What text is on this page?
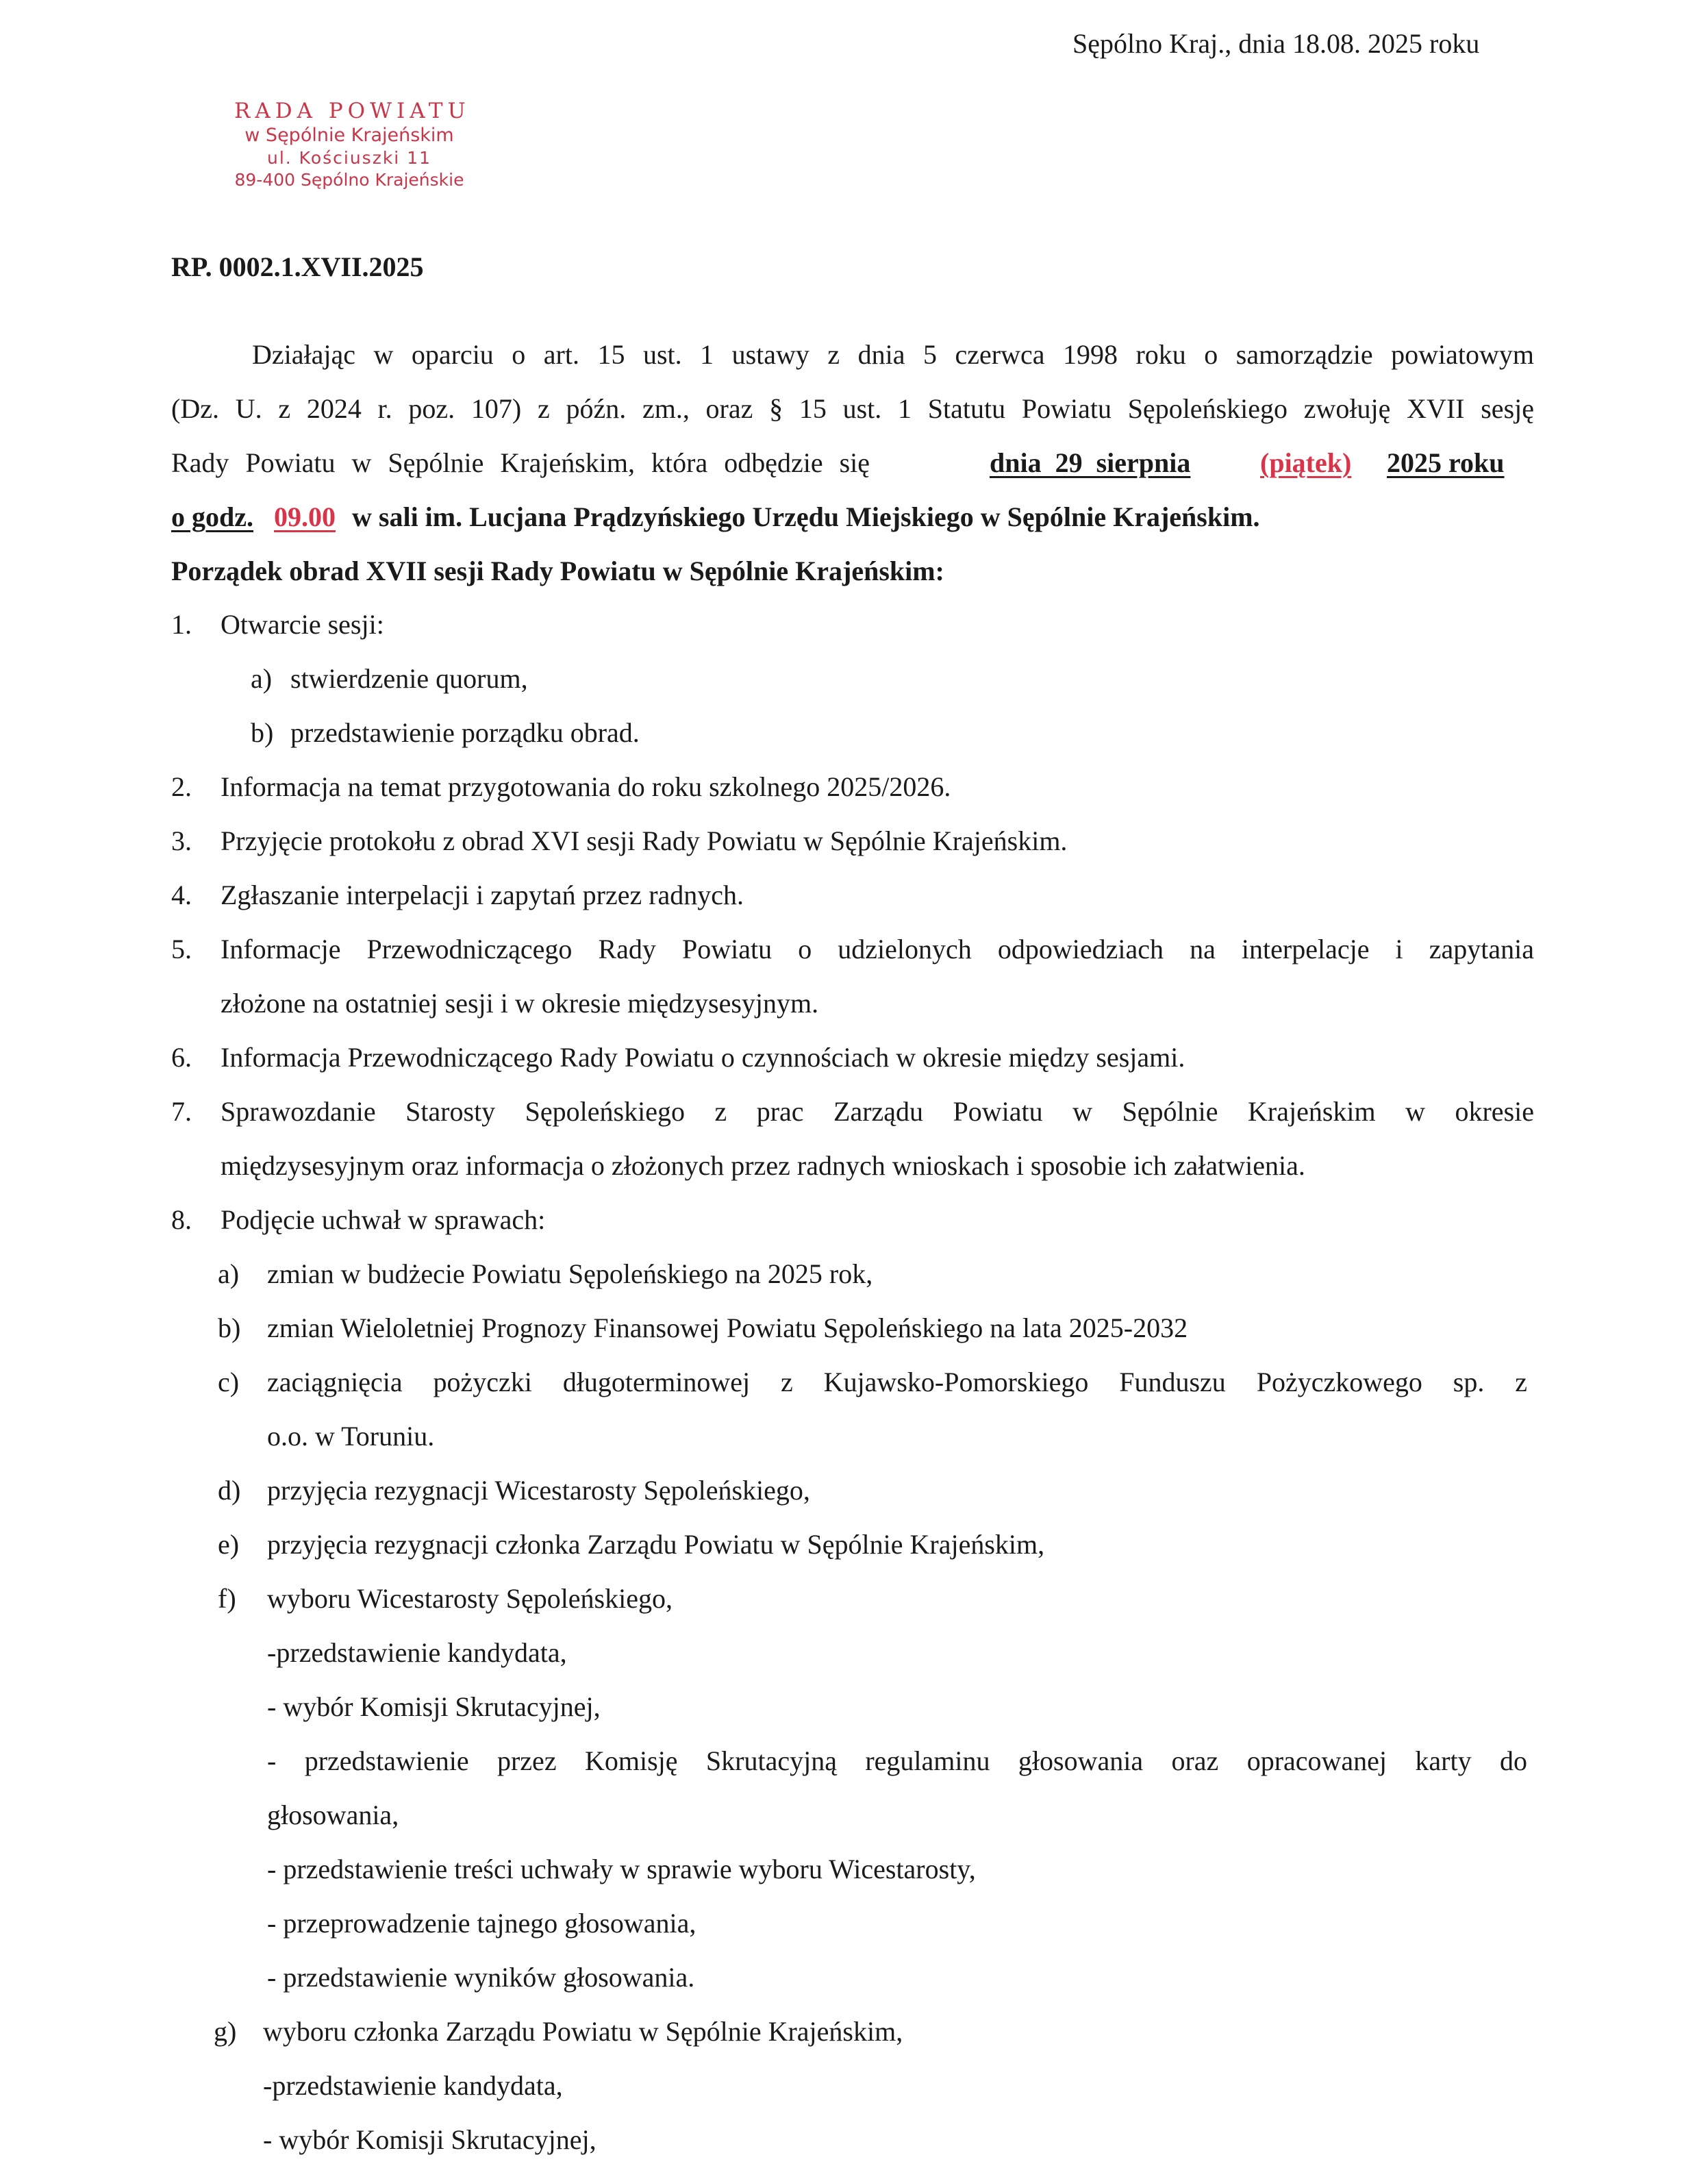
Sępólno Kraj., dnia 18.08. 2025 roku
RADA POWIATU
w Sępólnie Krajeńskim
ul. Kościuszki 11
89-400 Sępólno Krajeńskie
RP. 0002.1.XVII.2025
Działając w oparciu o art. 15 ust. 1 ustawy z dnia 5 czerwca 1998 roku o samorządzie powiatowym
(Dz. U. z 2024 r. poz. 107) z późn. zm., oraz § 15 ust. 1 Statutu Powiatu Sępoleńskiego zwołuję XVII sesję
Rady Powiatu w Sępólnie Krajeńskim, która odbędzie się	dnia 29 sierpnia	(piątek) 2025 roku
o godz. 09.00 w sali im. Lucjana Prądzyńskiego Urzędu Miejskiego w Sępólnie Krajeńskim.
Porządek obrad XVII sesji Rady Powiatu w Sępólnie Krajeńskim:
1. Otwarcie sesji:
a) stwierdzenie quorum,
b) przedstawienie porządku obrad.
2. Informacja na temat przygotowania do roku szkolnego 2025/2026.
3. Przyjęcie protokołu z obrad XVI sesji Rady Powiatu w Sępólnie Krajeńskim.
4. Zgłaszanie interpelacji i zapytań przez radnych.
5. Informacje Przewodniczącego Rady Powiatu o udzielonych odpowiedziach na interpelacje i zapytania
złożone na ostatniej sesji i w okresie międzysesyjnym.
6. Informacja Przewodniczącego Rady Powiatu o czynnościach w okresie między sesjami.
7. Sprawozdanie Starosty Sępoleńskiego z prac Zarządu Powiatu w Sępólnie Krajeńskim w okresie
międzysesyjnym oraz informacja o złożonych przez radnych wnioskach i sposobie ich załatwienia.
8. Podjęcie uchwał w sprawach:
a) zmian w budżecie Powiatu Sępoleńskiego na 2025 rok,
b) zmian Wieloletniej Prognozy Finansowej Powiatu Sępoleńskiego na lata 2025-2032
c) zaciągnięcia pożyczki długoterminowej z Kujawsko-Pomorskiego Funduszu Pożyczkowego sp. z
o.o. w Toruniu.
d) przyjęcia rezygnacji Wicestarosty Sępoleńskiego,
e) przyjęcia rezygnacji członka Zarządu Powiatu w Sępólnie Krajeńskim,
f) wyboru Wicestarosty Sępoleńskiego,
-przedstawienie kandydata,
- wybór Komisji Skrutacyjnej,
- przedstawienie przez Komisję Skrutacyjną regulaminu głosowania oraz opracowanej karty do
głosowania,
- przedstawienie treści uchwały w sprawie wyboru Wicestarosty,
- przeprowadzenie tajnego głosowania,
- przedstawienie wyników głosowania.
g) wyboru członka Zarządu Powiatu w Sępólnie Krajeńskim,
-przedstawienie kandydata,
- wybór Komisji Skrutacyjnej,
